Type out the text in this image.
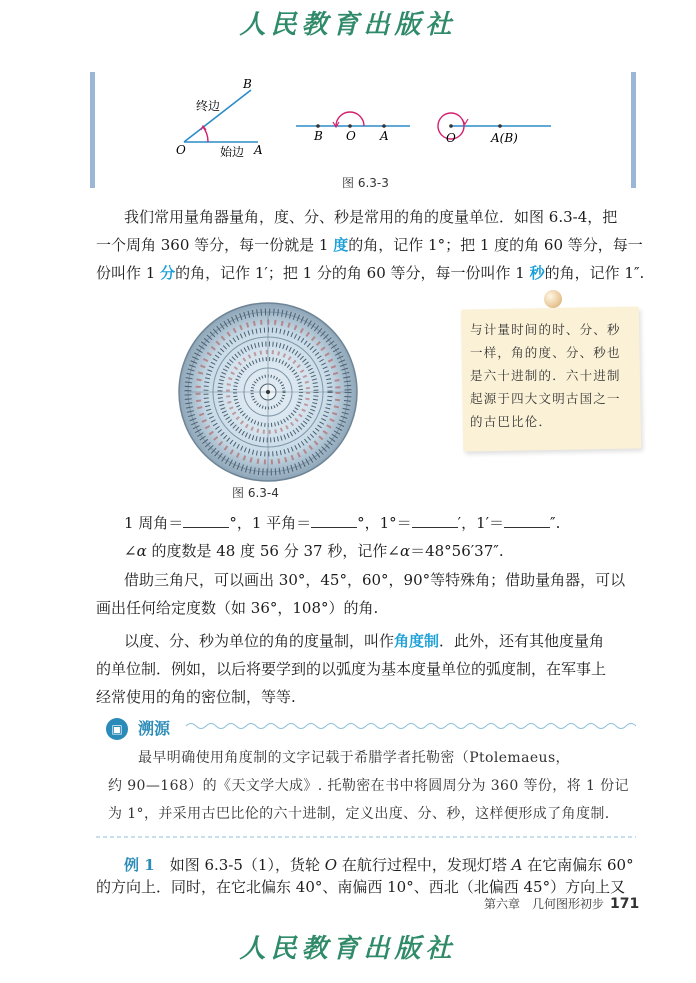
人民教育出版社
终边
始边
O	A
B
B O A	O	A(B)
图 6.3-3
我们常用量角器量角，度、分、秒是常用的角的度量单位．如图 6.3-4，把
一个周角 360 等分，每一份就是 1 度的角，记作 1°；把 1 度的角 60 等分，每一
份叫作 1 分的角，记作 1′；把 1 分的角 60 等分，每一份叫作 1 秒的角，记作 1″.
图 6.3-4
与计量时间的时、分、秒一样，角的度、分、秒也是六十进制的．六十进制起源于四大文明古国之一的古巴比伦．
1 周角＝	°，1 平角＝	°，1°＝	′，1′＝	″.
∠α 的度数是 48 度 56 分 37 秒，记作∠α＝48°56′37″.
借助三角尺，可以画出 30°，45°，60°，90°等特殊角；借助量角器，可以
画出任何给定度数（如 36°，108°）的角.
以度、分、秒为单位的角的度量制，叫作角度制．此外，还有其他度量角
的单位制．例如，以后将要学到的以弧度为基本度量单位的弧度制，在军事上
经常使用的角的密位制，等等.
▣ 溯源
最早明确使用角度制的文字记载于希腊学者托勒密（Ptolemaeus，
约 90—168）的《天文学大成》. 托勒密在书中将圆周分为 360 等份，将 1 份记
为 1°，并采用古巴比伦的六十进制，定义出度、分、秒，这样便形成了角度制.
例 1　 如图 6.3-5（1），货轮 O 在航行过程中，发现灯塔 A 在它南偏东 60°
的方向上．同时，在它北偏东 40°、南偏西 10°、西北（北偏西 45°）方向上又
第六章　几何图形初步 171
人民教育出版社
